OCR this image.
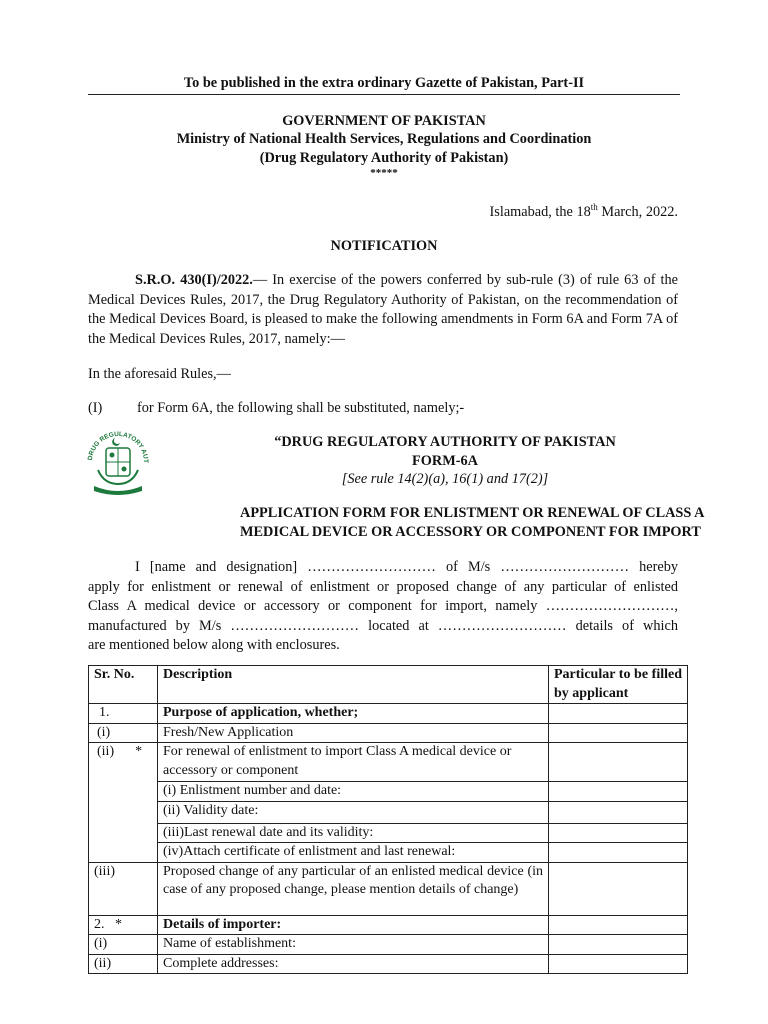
To be published in the extra ordinary Gazette of Pakistan, Part-II
GOVERNMENT OF PAKISTAN
Ministry of National Health Services, Regulations and Coordination
(Drug Regulatory Authority of Pakistan)
*****
Islamabad, the 18th March, 2022.
NOTIFICATION

S.R.O. 430(I)/2022.— In exercise of the powers conferred by sub-rule (3) of rule 63 of the Medical Devices Rules, 2017, the Drug Regulatory Authority of Pakistan, on the recommendation of the Medical Devices Board, is pleased to make the following amendments in Form 6A and Form 7A of the Medical Devices Rules, 2017, namely:—

In the aforesaid Rules,—
(I) for Form 6A, the following shall be substituted, namely;-
DRUG REGULATORY AUT
“DRUG REGULATORY AUTHORITY OF PAKISTAN
FORM-6A
[See rule 14(2)(a), 16(1) and 17(2)]
APPLICATION FORM FOR ENLISTMENT OR RENEWAL OF CLASS A
MEDICAL DEVICE OR ACCESSORY OR COMPONENT FOR IMPORT
I [name and designation] ……………………… of M/s ……………………… hereby
apply for enlistment or renewal of enlistment or proposed change of any particular of enlisted
Class A medical device or accessory or component for import, namely ………………………,
manufactured by M/s ……………………… located at ……………………… details of which
are mentioned below along with enclosures.
Sr. No.	Description	Particular to be filled by applicant
1.	Purpose of application, whether;	
(i)	Fresh/New Application	
(ii)      *	For renewal of enlistment to import Class A medical device or accessory or component	
	(i) Enlistment number and date:	
	(ii) Validity date:	
	(iii)Last renewal date and its validity:	
	(iv)Attach certificate of enlistment and last renewal:	
(iii)	Proposed change of any particular of an enlisted medical device (in case of any proposed change, please mention details of change)	
2.   *	Details of importer:	
(i)	Name of establishment:	
(ii)	Complete addresses:	
